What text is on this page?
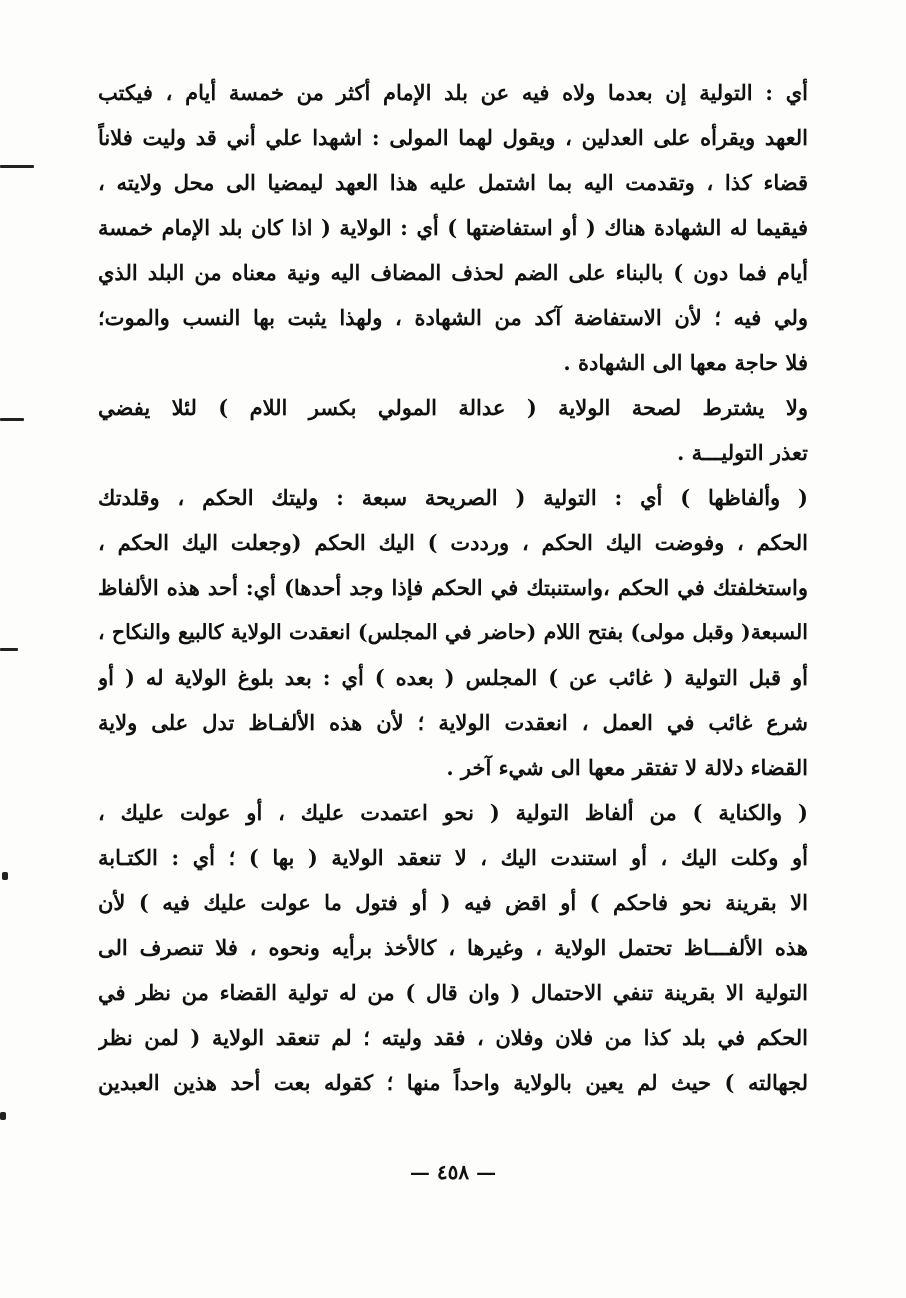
أي : التولية إن بعدما ولاه فيه عن بلد الإمام أكثر من خمسة أيام ، فيكتب
العهد ويقرأه على العدلين ، ويقول لهما المولى : اشهدا علي أني قد وليت فلاناً
قضاء كذا ، وتقدمت اليه بما اشتمل عليه هذا العهد ليمضيا الى محل ولايته ،
فيقيما له الشهادة هناك ( أو استفاضتها ) أي : الولاية ( اذا كان بلد الإمام خمسة
أيام فما دون ) بالبناء على الضم لحذف المضاف اليه ونية معناه من البلد الذي
ولي فيه ؛ لأن الاستفاضة آكد من الشهادة ، ولهذا يثبت بها النسب والموت؛
فلا حاجة معها الى الشهادة .
ولا يشترط لصحة الولاية ( عدالة المولي بكسر اللام ) لئلا يفضي
تعذر التوليـــة .
( وألفاظها ) أي : التولية ( الصريحة سبعة : وليتك الحكم ، وقلدتك
الحكم ، وفوضت اليك الحكم ، ورددت ) اليك الحكم (وجعلت اليك الحكم ،
واستخلفتك في الحكم ،واستنبتك في الحكم فإذا وجد أحدها) أي: أحد هذه الألفاظ
السبعة( وقبل مولى) بفتح اللام (حاضر في المجلس) انعقدت الولاية كالبيع والنكاح ،
أو قبل التولية ( غائب عن ) المجلس ( بعده ) أي : بعد بلوغ الولاية له ( أو
شرع غائب في العمل ، انعقدت الولاية ؛ لأن هذه الألفـاظ تدل على ولاية
القضاء دلالة لا تفتقر معها الى شيء آخر .
( والكناية ) من ألفاظ التولية ( نحو اعتمدت عليك ، أو عولت عليك ،
أو وكلت اليك ، أو استندت اليك ، لا تنعقد الولاية ( بها ) ؛ أي : الكتـابة
الا بقرينة نحو فاحكم ) أو اقض فيه ( أو فتول ما عولت عليك فيه ) لأن
هذه الألفـــاظ تحتمل الولاية ، وغيرها ، كالأخذ برأيه ونحوه ، فلا تنصرف الى
التولية الا بقرينة تنفي الاحتمال ( وان قال ) من له تولية القضاء من نظر في
الحكم في بلد كذا من فلان وفلان ، فقد وليته ؛ لم تنعقد الولاية ( لمن نظر
لجهالته ) حيث لم يعين بالولاية واحداً منها ؛ كقوله بعت أحد هذين العبدين
— ٤٥٨ —
